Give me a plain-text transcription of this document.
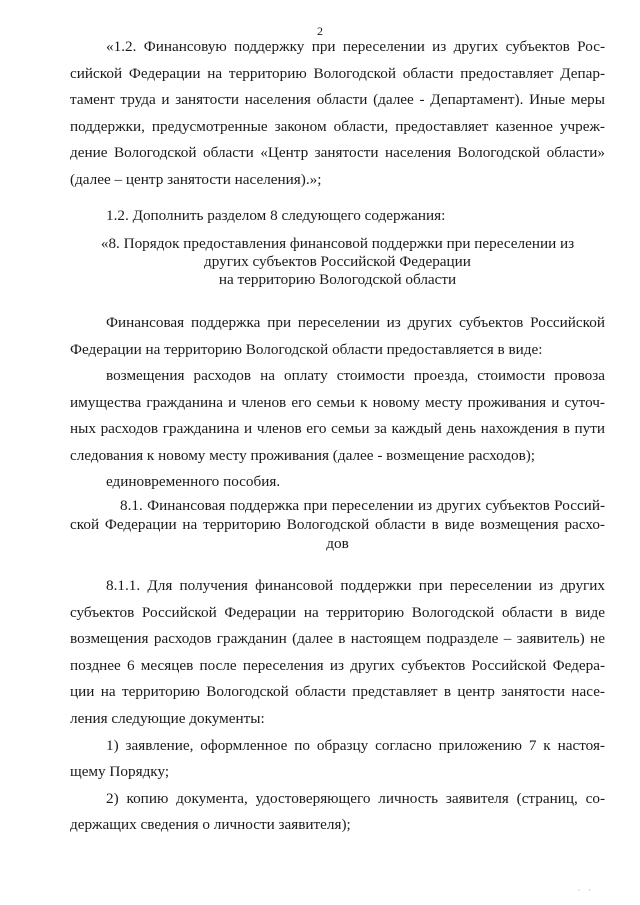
2
«1.2. Финансовую поддержку при переселении из других субъектов Рос-
сийской Федерации на территорию Вологодской области предоставляет Депар-
тамент труда и занятости населения области (далее - Департамент). Иные меры
поддержки, предусмотренные законом области, предоставляет казенное учреж-
дение Вологодской области «Центр занятости населения Вологодской области»
(далее – центр занятости населения).»;
1.2. Дополнить разделом 8 следующего содержания:
«8. Порядок предоставления финансовой поддержки при переселении из
других субъектов Российской Федерации
на территорию Вологодской области
Финансовая поддержка при переселении из других субъектов Российской
Федерации на территорию Вологодской области предоставляется в виде:
возмещения расходов на оплату стоимости проезда, стоимости провоза
имущества гражданина и членов его семьи к новому месту проживания и суточ-
ных расходов гражданина и членов его семьи за каждый день нахождения в пути
следования к новому месту проживания (далее - возмещение расходов);
единовременного пособия.
8.1. Финансовая поддержка при переселении из других субъектов Россий-
ской Федерации на территорию Вологодской области в виде возмещения расхо-
дов
8.1.1. Для получения финансовой поддержки при переселении из других
субъектов Российской Федерации на территорию Вологодской области в виде
возмещения расходов гражданин (далее в настоящем подразделе – заявитель) не
позднее 6 месяцев после переселения из других субъектов Российской Федера-
ции на территорию Вологодской области представляет в центр занятости насе-
ления следующие документы:
1) заявление, оформленное по образцу согласно приложению 7 к настоя-
щему Порядку;
2) копию документа, удостоверяющего личность заявителя (страниц, со-
держащих сведения о личности заявителя);
· ·
